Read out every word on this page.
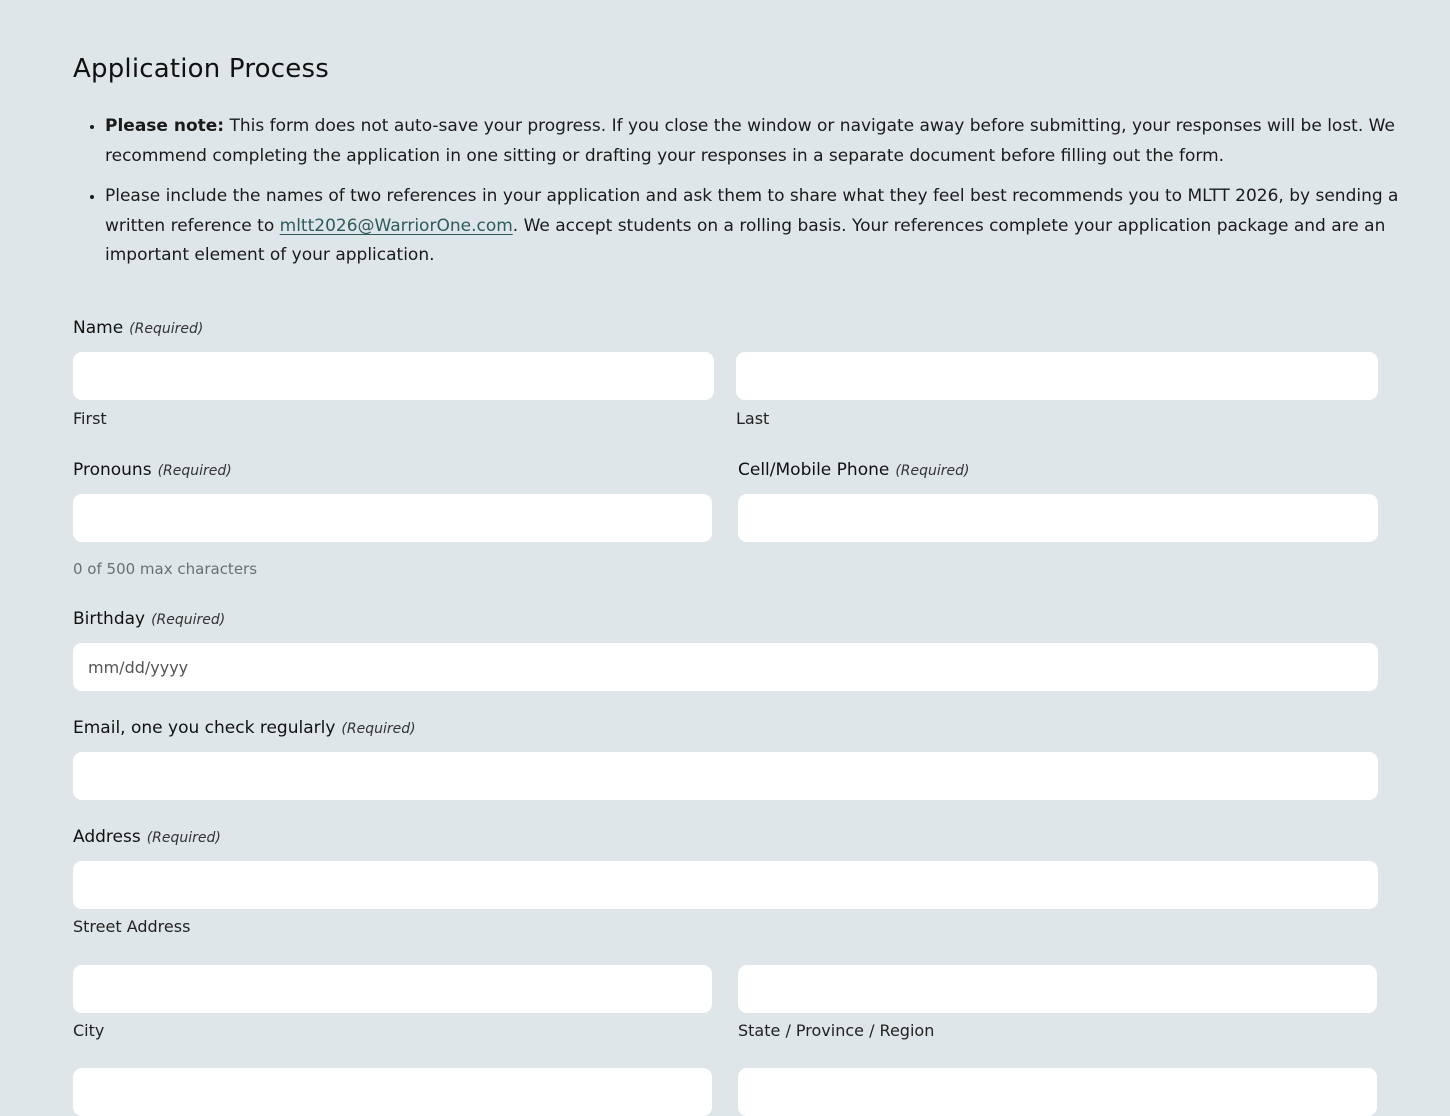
Application Process
• Please note: This form does not auto-save your progress. If you close the window or navigate away before submitting, your responses will be lost. We recommend completing the application in one sitting or drafting your responses in a separate document before filling out the form.
• Please include the names of two references in your application and ask them to share what they feel best recommends you to MLTT 2026, by sending a written reference to mltt2026@WarriorOne.com. We accept students on a rolling basis. Your references complete your application package and are an important element of your application.
Name (Required)
First	Last
Pronouns (Required)	Cell/Mobile Phone (Required)
0 of 500 max characters
Birthday (Required)
mm/dd/yyyy
Email, one you check regularly (Required)
Address (Required)
Street Address
City	State / Province / Region
